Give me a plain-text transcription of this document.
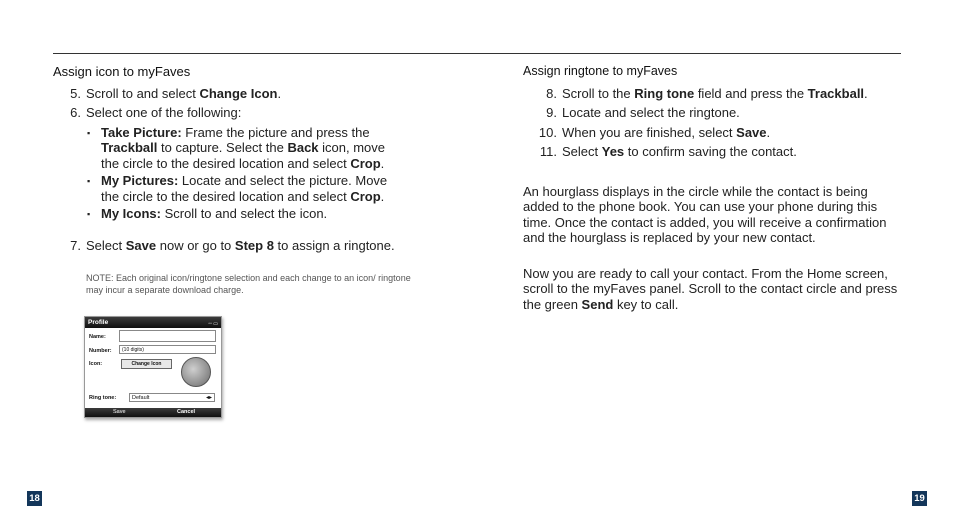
Assign icon to myFaves
5. Scroll to and select Change Icon.
6. Select one of the following:
▪ Take Picture: Frame the picture and press the Trackball to capture. Select the Back icon, move the circle to the desired location and select Crop.
▪ My Pictures: Locate and select the picture. Move the circle to the desired location and select Crop.
▪ My Icons: Scroll to and select the icon.
7. Select Save now or go to Step 8 to assign a ringtone.
NOTE: Each original icon/ringtone selection and each change to an icon/ ringtone may incur a separate download charge.
Profile	▫▫ ▭
Name:
Number:	(10 digits)
Icon:	Change Icon
Ring tone:	Default	◂▸
Save	Cancel
Assign ringtone to myFaves
8. Scroll to the Ring tone field and press the Trackball.
9. Locate and select the ringtone.
10. When you are finished, select Save.
11. Select Yes to confirm saving the contact.

An hourglass displays in the circle while the contact is being added to the phone book. You can use your phone during this time. Once the contact is added, you will receive a confirmation and the hourglass is replaced by your new contact.

Now you are ready to call your contact. From the Home screen, scroll to the myFaves panel. Scroll to the contact circle and press the green Send key to call.

18	19
